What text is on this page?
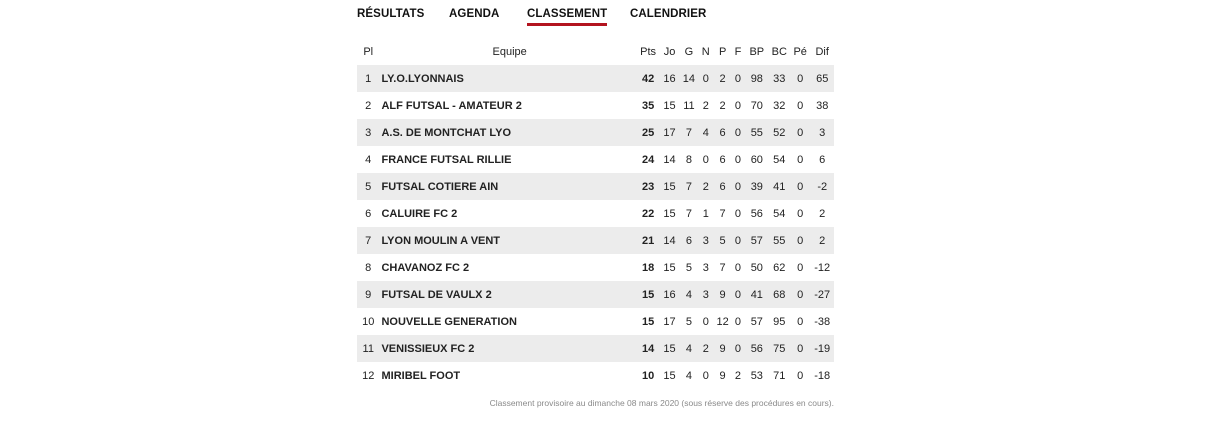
RÉSULTATS AGENDA CLASSEMENT CALENDRIER
Pl	Equipe	Pts	Jo	G	N	P	F	BP	BC	Pé	Dif
1	LY.O.LYONNAIS	42	16	14	0	2	0	98	33	0	65
2	ALF FUTSAL - AMATEUR 2	35	15	11	2	2	0	70	32	0	38
3	A.S. DE MONTCHAT LYO	25	17	7	4	6	0	55	52	0	3
4	FRANCE FUTSAL RILLIE	24	14	8	0	6	0	60	54	0	6
5	FUTSAL COTIERE AIN	23	15	7	2	6	0	39	41	0	-2
6	CALUIRE FC 2	22	15	7	1	7	0	56	54	0	2
7	LYON MOULIN A VENT	21	14	6	3	5	0	57	55	0	2
8	CHAVANOZ FC 2	18	15	5	3	7	0	50	62	0	-12
9	FUTSAL DE VAULX 2	15	16	4	3	9	0	41	68	0	-27
10	NOUVELLE GENERATION	15	17	5	0	12	0	57	95	0	-38
11	VENISSIEUX FC 2	14	15	4	2	9	0	56	75	0	-19
12	MIRIBEL FOOT	10	15	4	0	9	2	53	71	0	-18
Classement provisoire au dimanche 08 mars 2020 (sous réserve des procédures en cours).
